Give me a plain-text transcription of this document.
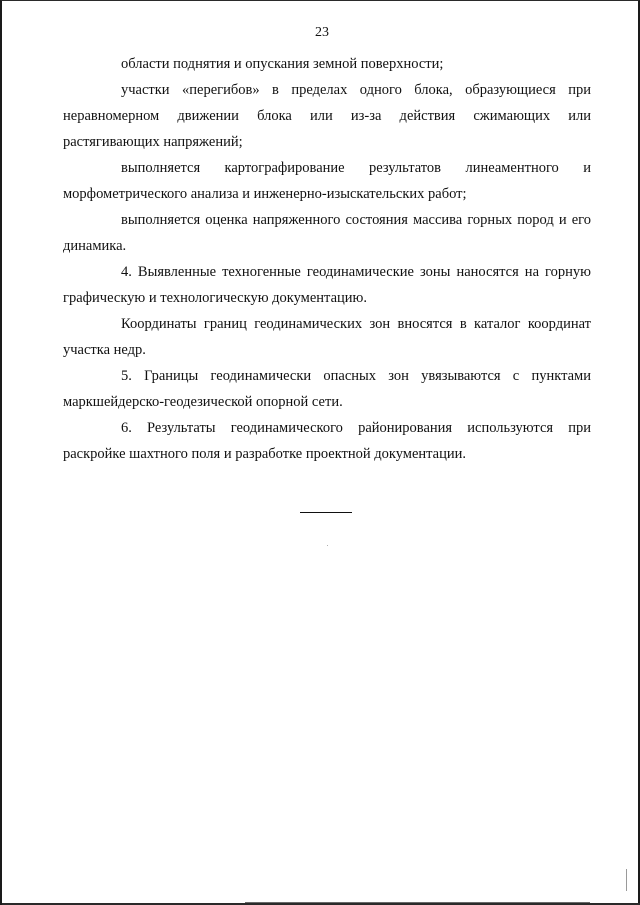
23
области поднятия и опускания земной поверхности;
участки «перегибов» в пределах одного блока, образующиеся при
неравномерном движении блока или из-за действия сжимающих или
растягивающих напряжений;
выполняется картографирование результатов линеаментного и
морфометрического анализа и инженерно-изыскательских работ;
выполняется оценка напряженного состояния массива горных пород и его
динамика.
4. Выявленные техногенные геодинамические зоны наносятся на горную
графическую и технологическую документацию.
Координаты границ геодинамических зон вносятся в каталог координат
участка недр.
5. Границы геодинамически опасных зон увязываются с пунктами
маркшейдерско-геодезической опорной сети.
6. Результаты геодинамического районирования используются при
раскройке шахтного поля и разработке проектной документации.
